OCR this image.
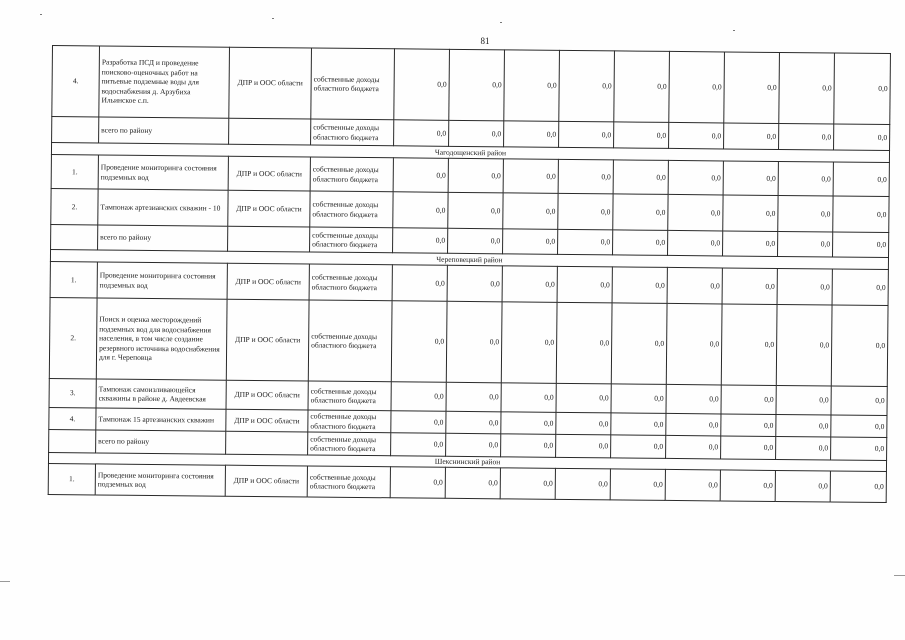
81
4.	Разработка ПСД и проведение поисково-оценочных работ на питьевые подземные воды для водоснабжения д. Арзубиха Ильинское с.п.	ДПР и ООС области	собственные доходы областного бюджета	0,0	0,0	0,0	0,0	0,0	0,0	0,0	0,0	0,0
	всего по району		собственные доходы областного бюджета	0,0	0,0	0,0	0,0	0,0	0,0	0,0	0,0	0,0
Чагодощенский район												
1.	Проведение мониторинга состояния подземных вод	ДПР и ООС области	собственные доходы областного бюджета	0,0	0,0	0,0	0,0	0,0	0,0	0,0	0,0	0,0
2.	Тампонаж артезианских скважин - 10	ДПР и ООС области	собственные доходы областного бюджета	0,0	0,0	0,0	0,0	0,0	0,0	0,0	0,0	0,0
	всего по району		собственные доходы областного бюджета	0,0	0,0	0,0	0,0	0,0	0,0	0,0	0,0	0,0
Череповецкий район												
1.	Проведение мониторинга состояния подземных вод	ДПР и ООС области	собственные доходы областного бюджета	0,0	0,0	0,0	0,0	0,0	0,0	0,0	0,0	0,0
2.	Поиск и оценка месторождений подземных вод для водоснабжения населения, в том числе создание резервного источника водоснабжения для г. Череповца	ДПР и ООС области	собственные доходы областного бюджета	0,0	0,0	0,0	0,0	0,0	0,0	0,0	0,0	0,0
3.	Тампонаж самоизливающейся скважины в районе д. Авдеевская	ДПР и ООС области	собственные доходы областного бюджета	0,0	0,0	0,0	0,0	0,0	0,0	0,0	0,0	0,0
4.	Тампонаж 15 артезианских скважин	ДПР и ООС области	собственные доходы областного бюджета	0,0	0,0	0,0	0,0	0,0	0,0	0,0	0,0	0,0
	всего по району		собственные доходы областного бюджета	0,0	0,0	0,0	0,0	0,0	0,0	0,0	0,0	0,0
Шекснинский район												
1.	Проведение мониторинга состояния подземных вод	ДПР и ООС области	собственные доходы областного бюджета	0,0	0,0	0,0	0,0	0,0	0,0	0,0	0,0	0,0
